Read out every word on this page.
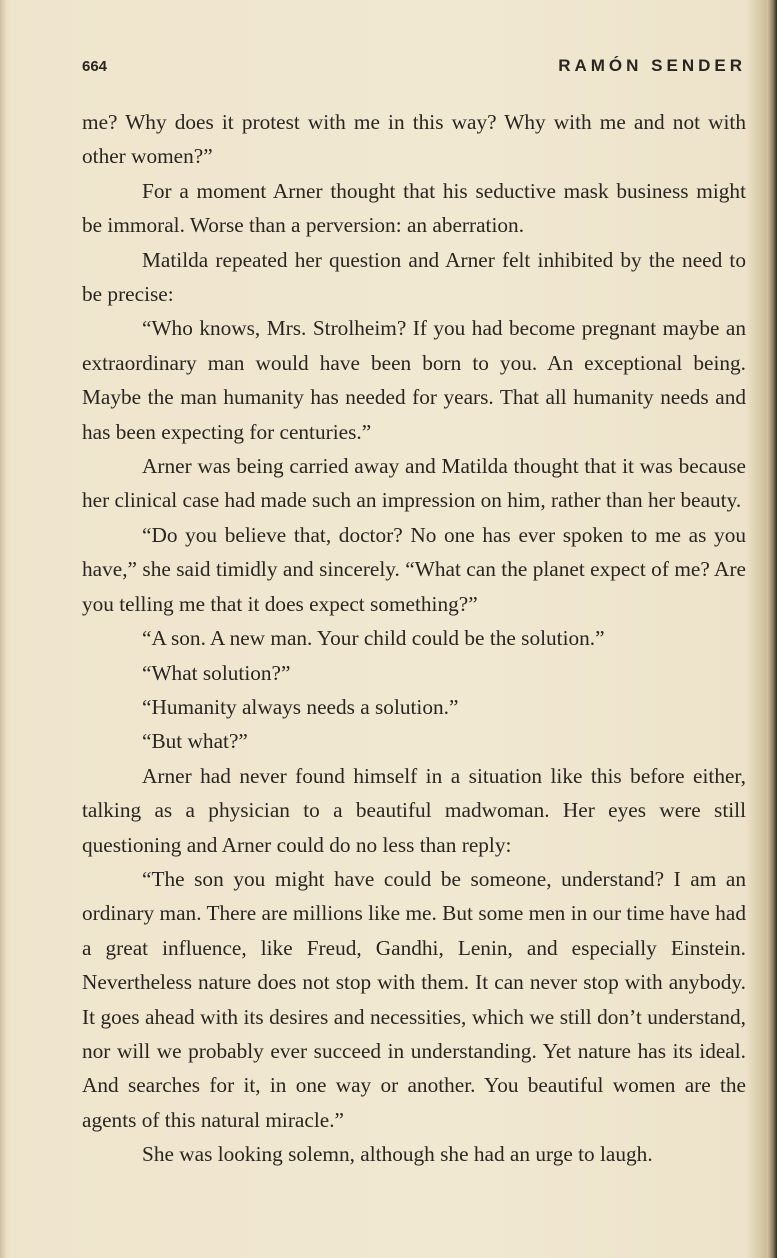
664	RAMÓN SENDER

me? Why does it protest with me in this way? Why with me and not with other women?”

For a moment Arner thought that his seductive mask business might be immoral. Worse than a perversion: an aberration.

Matilda repeated her question and Arner felt inhibited by the need to be precise:

“Who knows, Mrs. Strolheim? If you had become pregnant maybe an extraordinary man would have been born to you. An exceptional being. Maybe the man humanity has needed for years. That all humanity needs and has been expecting for centuries.”

Arner was being carried away and Matilda thought that it was because her clinical case had made such an impression on him, rather than her beauty.

“Do you believe that, doctor? No one has ever spoken to me as you have,” she said timidly and sincerely. “What can the planet expect of me? Are you telling me that it does expect something?”

“A son. A new man. Your child could be the solution.”

“What solution?”

“Humanity always needs a solution.”

“But what?”

Arner had never found himself in a situation like this before either, talking as a physician to a beautiful madwoman. Her eyes were still questioning and Arner could do no less than reply:

“The son you might have could be someone, understand? I am an ordinary man. There are millions like me. But some men in our time have had a great influence, like Freud, Gandhi, Lenin, and especially Einstein. Nevertheless nature does not stop with them. It can never stop with anybody. It goes ahead with its desires and necessities, which we still don’t understand, nor will we probably ever succeed in understanding. Yet nature has its ideal. And searches for it, in one way or another. You beautiful women are the agents of this natural miracle.”

She was looking solemn, although she had an urge to laugh.
